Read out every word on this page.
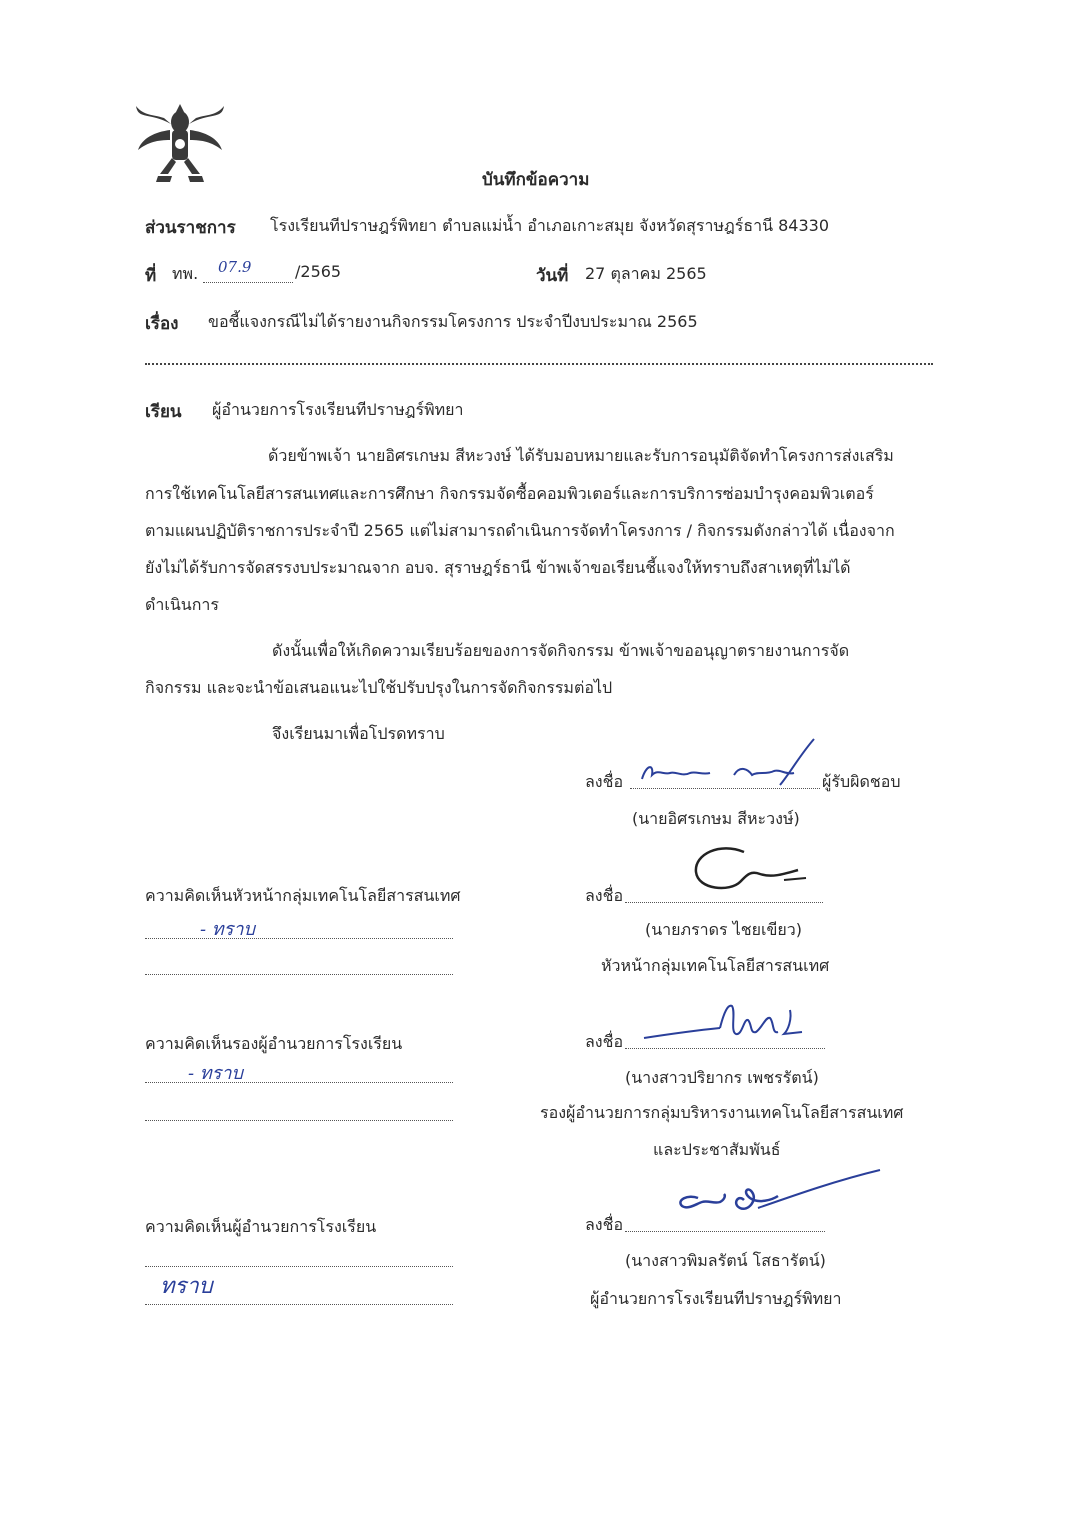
บันทึกข้อความ
ส่วนราชการ โรงเรียนทีปราษฎร์พิทยา ตำบลแม่น้ำ อำเภอเกาะสมุย จังหวัดสุราษฎร์ธานี 84330
ที่ ทพ. 07.9	/2565	วันที่ 27 ตุลาคม 2565
เรื่อง ขอชี้แจงกรณีไม่ได้รายงานกิจกรรมโครงการ ประจำปีงบประมาณ 2565
เรียน ผู้อำนวยการโรงเรียนทีปราษฎร์พิทยา
ด้วยข้าพเจ้า นายอิศรเกษม สีหะวงษ์ ได้รับมอบหมายและรับการอนุมัติจัดทำโครงการส่งเสริม
การใช้เทคโนโลยีสารสนเทศและการศึกษา กิจกรรมจัดซื้อคอมพิวเตอร์และการบริการซ่อมบำรุงคอมพิวเตอร์
ตามแผนปฏิบัติราชการประจำปี 2565 แต่ไม่สามารถดำเนินการจัดทำโครงการ / กิจกรรมดังกล่าวได้ เนื่องจาก
ยังไม่ได้รับการจัดสรรงบประมาณจาก อบจ. สุราษฎร์ธานี ข้าพเจ้าขอเรียนชี้แจงให้ทราบถึงสาเหตุที่ไม่ได้
ดำเนินการ
ดังนั้นเพื่อให้เกิดความเรียบร้อยของการจัดกิจกรรม ข้าพเจ้าขออนุญาตรายงานการจัด
กิจกรรม และจะนำข้อเสนอแนะไปใช้ปรับปรุงในการจัดกิจกรรมต่อไป
จึงเรียนมาเพื่อโปรดทราบ
ลงชื่อ	ผู้รับผิดชอบ
(นายอิศรเกษม สีหะวงษ์)
ความคิดเห็นหัวหน้ากลุ่มเทคโนโลยีสารสนเทศ
- ทราบ
ลงชื่อ
(นายภราดร ไชยเขียว)
หัวหน้ากลุ่มเทคโนโลยีสารสนเทศ
ความคิดเห็นรองผู้อำนวยการโรงเรียน
- ทราบ
ลงชื่อ
(นางสาวปริยากร เพชรรัตน์)
รองผู้อำนวยการกลุ่มบริหารงานเทคโนโลยีสารสนเทศ
และประชาสัมพันธ์
ความคิดเห็นผู้อำนวยการโรงเรียน
ทราบ
ลงชื่อ
(นางสาวพิมลรัตน์ โสธารัตน์)
ผู้อำนวยการโรงเรียนทีปราษฎร์พิทยา
